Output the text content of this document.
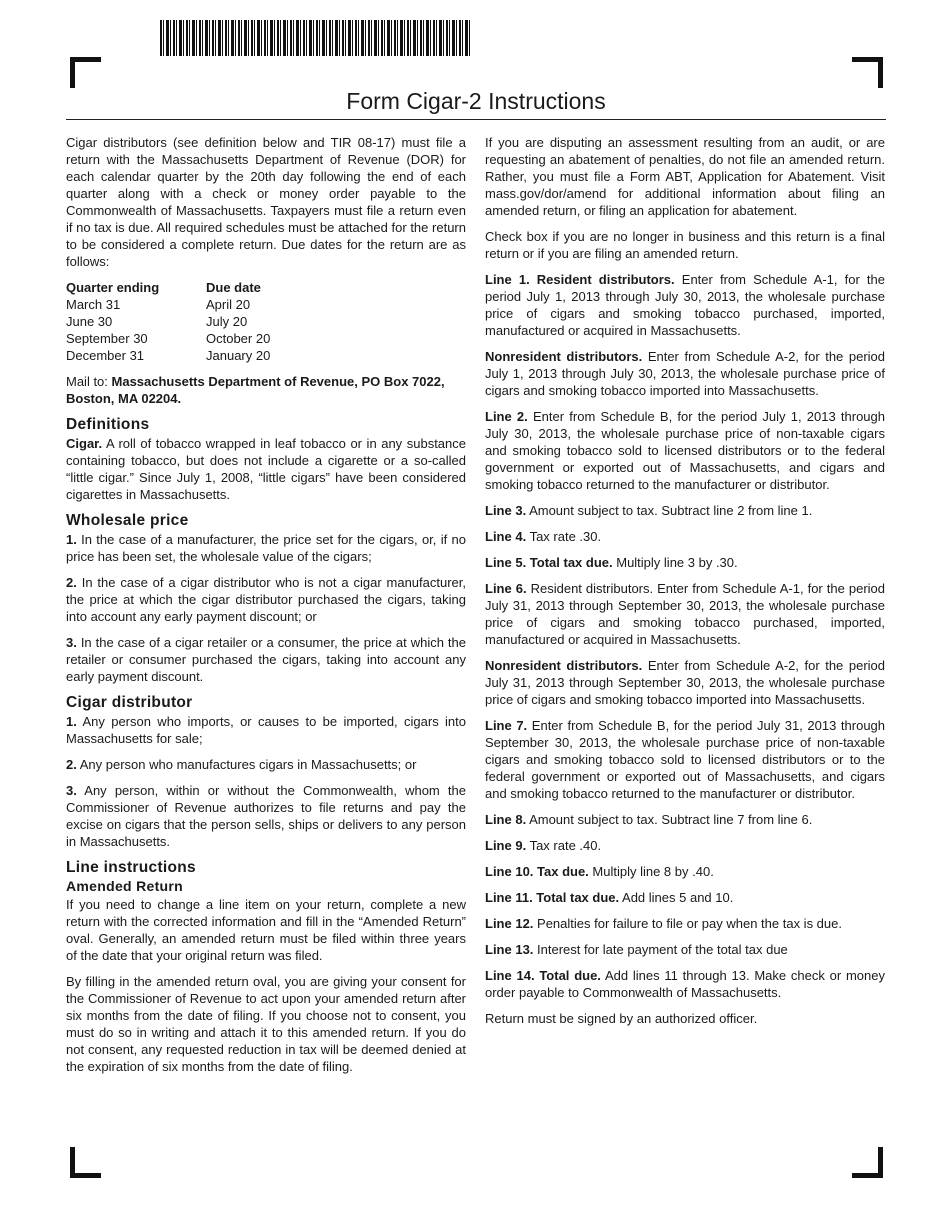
Form Cigar-2 Instructions

Cigar distributors (see definition below and TIR 08-17) must file a return with the Massachusetts Department of Revenue (DOR) for each calendar quarter by the 20th day following the end of each quarter along with a check or money order payable to the Commonwealth of Massachusetts. Taxpayers must file a return even if no tax is due. All required schedules must be attached for the return to be considered a complete return. Due dates for the return are as follows:

Quarter ending	Due date
March 31	April 20
June 30	July 20
September 30	October 20
December 31	January 20

Mail to: Massachusetts Department of Revenue, PO Box 7022, Boston, MA 02204.

Definitions

Cigar. A roll of tobacco wrapped in leaf tobacco or in any substance containing tobacco, but does not include a cigarette or a so-called “little cigar.” Since July 1, 2008, “little cigars” have been considered cigarettes in Massachusetts.

Wholesale price

1. In the case of a manufacturer, the price set for the cigars, or, if no price has been set, the wholesale value of the cigars;

2. In the case of a cigar distributor who is not a cigar manufacturer, the price at which the cigar distributor purchased the cigars, taking into account any early payment discount; or

3. In the case of a cigar retailer or a consumer, the price at which the retailer or consumer purchased the cigars, taking into account any early payment discount.

Cigar distributor

1. Any person who imports, or causes to be imported, cigars into Massachusetts for sale;

2. Any person who manufactures cigars in Massachusetts; or

3. Any person, within or without the Commonwealth, whom the Commissioner of Revenue authorizes to file returns and pay the excise on cigars that the person sells, ships or delivers to any person in Massachusetts.

Line instructions
Amended Return

If you need to change a line item on your return, complete a new return with the corrected information and fill in the “Amended Return” oval. Generally, an amended return must be filed within three years of the date that your original return was filed.

By filling in the amended return oval, you are giving your consent for the Commissioner of Revenue to act upon your amended return after six months from the date of filing. If you choose not to consent, you must do so in writing and attach it to this amended return. If you do not consent, any requested reduction in tax will be deemed denied at the expiration of six months from the date of filing.

If you are disputing an assessment resulting from an audit, or are requesting an abatement of penalties, do not file an amended return. Rather, you must file a Form ABT, Application for Abatement. Visit mass.gov/dor/amend for additional information about filing an amended return, or filing an application for abatement.

Check box if you are no longer in business and this return is a final return or if you are filing an amended return.

Line 1. Resident distributors. Enter from Schedule A-1, for the period July 1, 2013 through July 30, 2013, the wholesale purchase price of cigars and smoking tobacco purchased, imported, manufactured or acquired in Massachusetts.

Nonresident distributors. Enter from Schedule A-2, for the period July 1, 2013 through July 30, 2013, the wholesale purchase price of cigars and smoking tobacco imported into Massachusetts.

Line 2. Enter from Schedule B, for the period July 1, 2013 through July 30, 2013, the wholesale purchase price of non-taxable cigars and smoking tobacco sold to licensed distributors or to the federal government or exported out of Massachusetts, and cigars and smoking tobacco returned to the manufacturer or distributor.

Line 3. Amount subject to tax. Subtract line 2 from line 1.

Line 4. Tax rate .30.

Line 5. Total tax due. Multiply line 3 by .30.

Line 6. Resident distributors. Enter from Schedule A-1, for the period July 31, 2013 through September 30, 2013, the wholesale purchase price of cigars and smoking tobacco purchased, imported, manufactured or acquired in Massachusetts.

Nonresident distributors. Enter from Schedule A-2, for the period July 31, 2013 through September 30, 2013, the wholesale purchase price of cigars and smoking tobacco imported into Massachusetts.

Line 7. Enter from Schedule B, for the period July 31, 2013 through September 30, 2013, the wholesale purchase price of non-taxable cigars and smoking tobacco sold to licensed distributors or to the federal government or exported out of Massachusetts, and cigars and smoking tobacco returned to the manufacturer or distributor.

Line 8. Amount subject to tax. Subtract line 7 from line 6.

Line 9. Tax rate .40.

Line 10. Tax due. Multiply line 8 by .40.

Line 11. Total tax due. Add lines 5 and 10.

Line 12. Penalties for failure to file or pay when the tax is due.

Line 13. Interest for late payment of the total tax due

Line 14. Total due. Add lines 11 through 13. Make check or money order payable to Commonwealth of Massachusetts.

Return must be signed by an authorized officer.
